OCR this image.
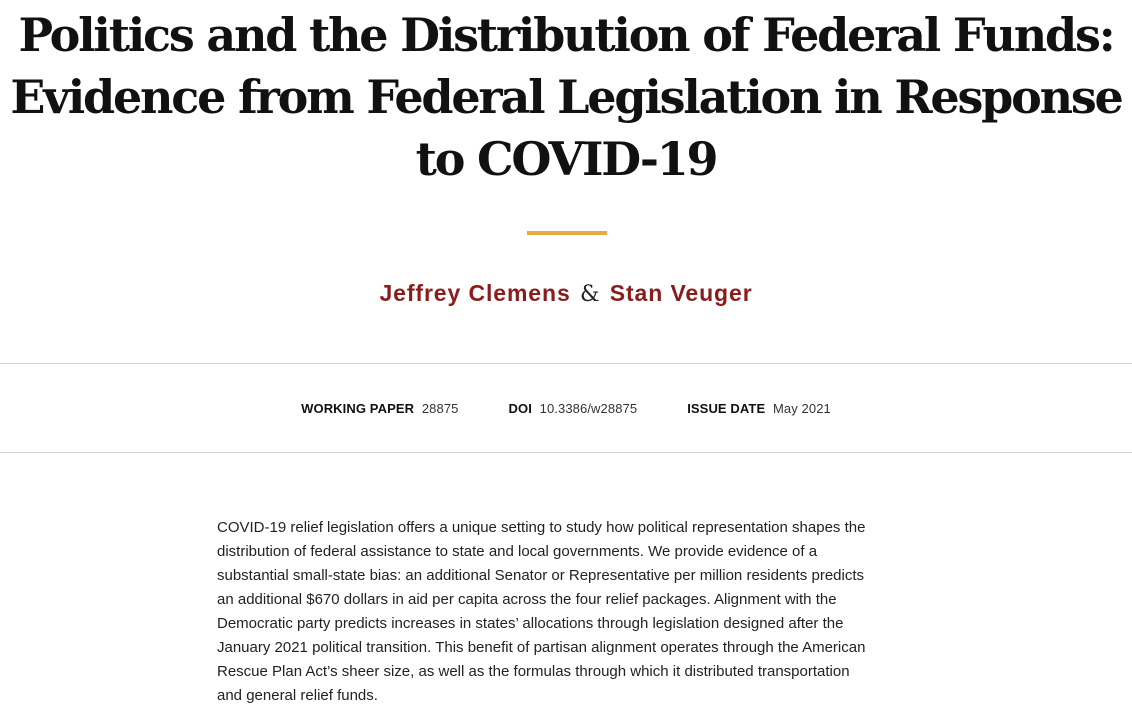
Politics and the Distribution of Federal Funds:
Evidence from Federal Legislation in Response
to COVID-19
Jeffrey Clemens & Stan Veuger
WORKING PAPER 28875	DOI 10.3386/w28875	ISSUE DATE May 2021
COVID-19 relief legislation offers a unique setting to study how political representation shapes the
distribution of federal assistance to state and local governments. We provide evidence of a
substantial small-state bias: an additional Senator or Representative per million residents predicts
an additional $670 dollars in aid per capita across the four relief packages. Alignment with the
Democratic party predicts increases in states’ allocations through legislation designed after the
January 2021 political transition. This benefit of partisan alignment operates through the American
Rescue Plan Act’s sheer size, as well as the formulas through which it distributed transportation
and general relief funds.
